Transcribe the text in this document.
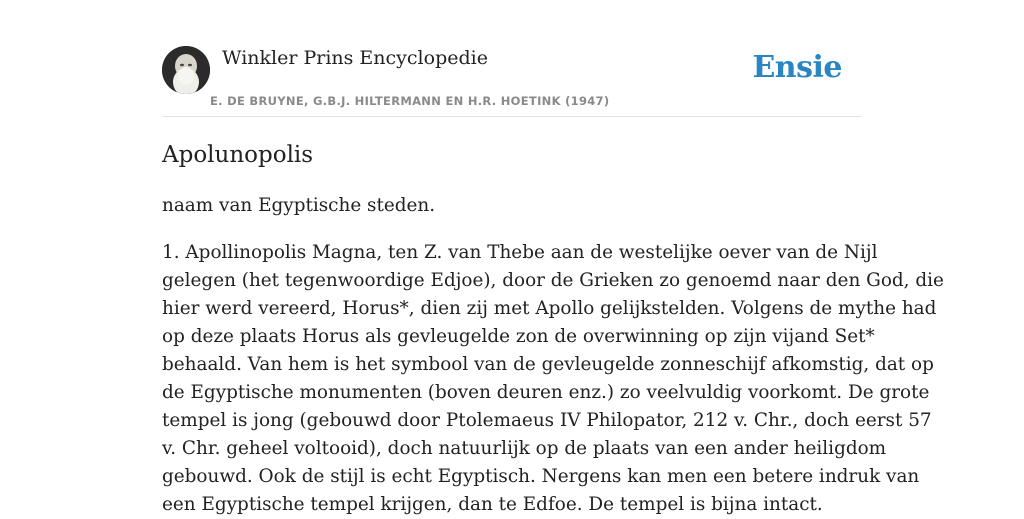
Winkler Prins Encyclopedie
E. DE BRUYNE, G.B.J. HILTERMANN EN H.R. HOETINK (1947)
Ensie
Apolunopolis

naam van Egyptische steden.

1. Apollinopolis Magna, ten Z. van Thebe aan de westelijke oever van de Nijl
gelegen (het tegenwoordige Edjoe), door de Grieken zo genoemd naar den God, die
hier werd vereerd, Horus*, dien zij met Apollo gelijkstelden. Volgens de mythe had
op deze plaats Horus als gevleugelde zon de overwinning op zijn vijand Set*
behaald. Van hem is het symbool van de gevleugelde zonneschijf afkomstig, dat op
de Egyptische monumenten (boven deuren enz.) zo veelvuldig voorkomt. De grote
tempel is jong (gebouwd door Ptolemaeus IV Philopator, 212 v. Chr., doch eerst 57
v. Chr. geheel voltooid), doch natuurlijk op de plaats van een ander heiligdom
gebouwd. Ook de stijl is echt Egyptisch. Nergens kan men een betere indruk van
een Egyptische tempel krijgen, dan te Edfoe. De tempel is bijna intact.
